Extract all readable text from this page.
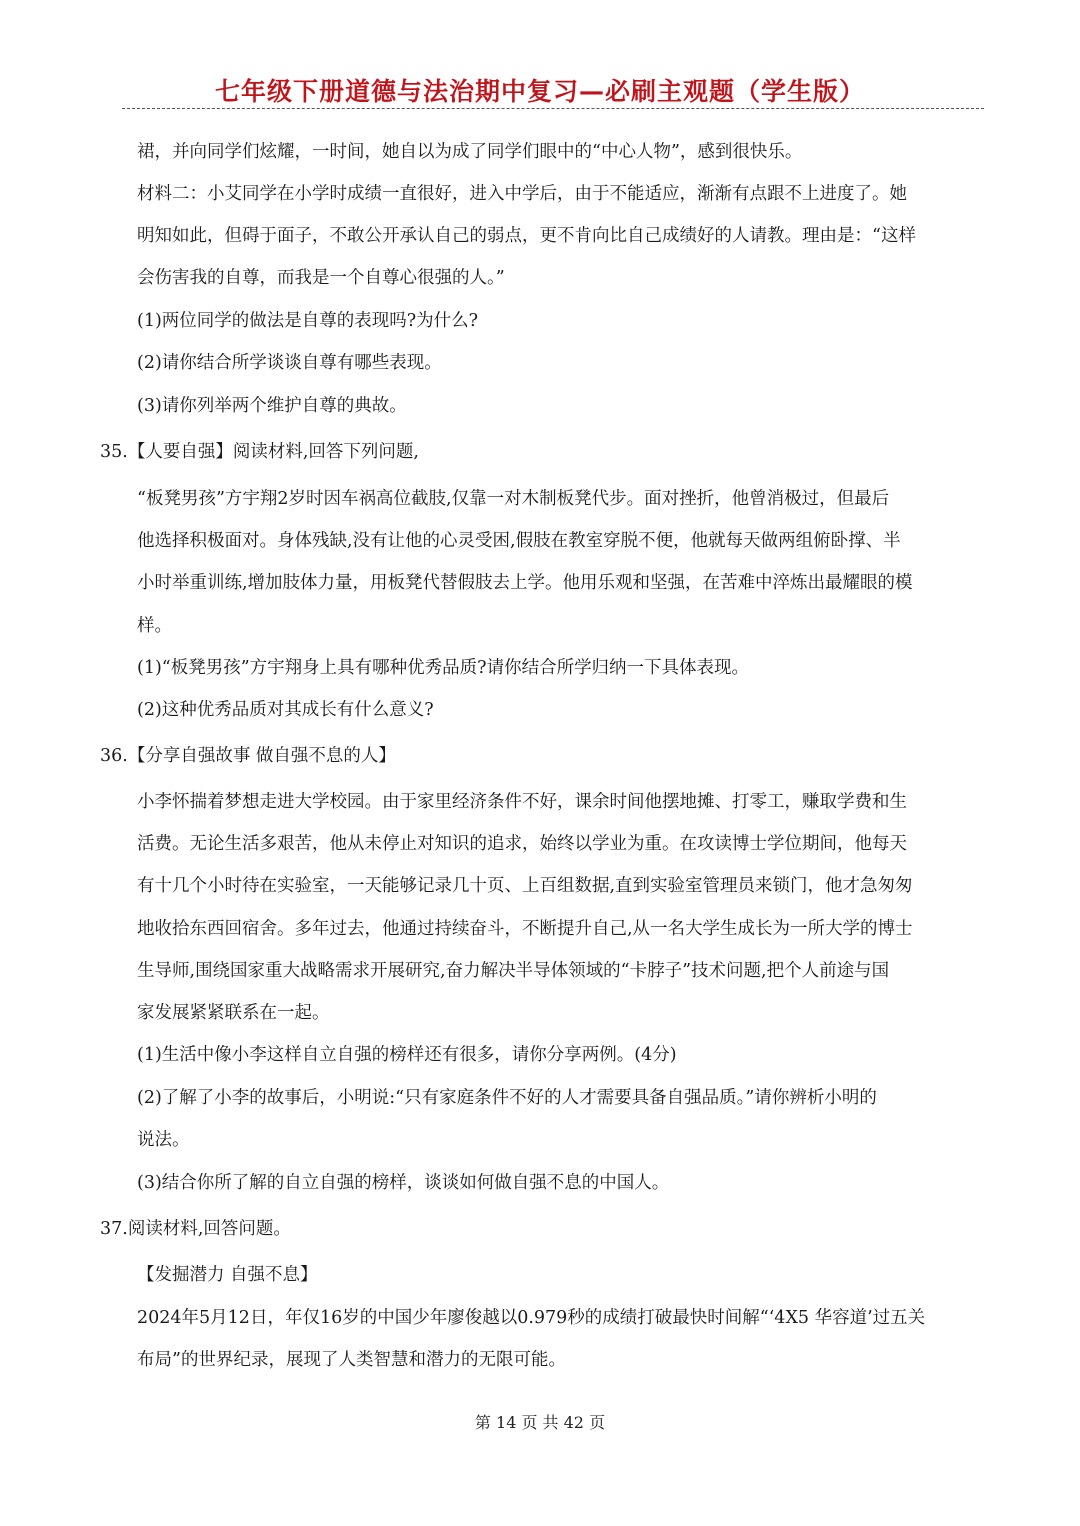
七年级下册道德与法治期中复习—必刷主观题（学生版）
裙，并向同学们炫耀，一时间，她自以为成了同学们眼中的“中心人物”，感到很快乐。
材料二：小艾同学在小学时成绩一直很好，进入中学后，由于不能适应，渐渐有点跟不上进度了。她
明知如此，但碍于面子，不敢公开承认自己的弱点，更不肯向比自己成绩好的人请教。理由是：“这样
会伤害我的自尊，而我是一个自尊心很强的人。”
(1)两位同学的做法是自尊的表现吗?为什么?
(2)请你结合所学谈谈自尊有哪些表现。
(3)请你列举两个维护自尊的典故。
35.【人要自强】阅读材料,回答下列问题,
“板凳男孩”方宇翔2岁时因车祸高位截肢,仅靠一对木制板凳代步。面对挫折，他曾消极过，但最后
他选择积极面对。身体残缺,没有让他的心灵受困,假肢在教室穿脱不便，他就每天做两组俯卧撑、半
小时举重训练,增加肢体力量，用板凳代替假肢去上学。他用乐观和坚强，在苦难中淬炼出最耀眼的模
样。
(1)“板凳男孩”方宇翔身上具有哪种优秀品质?请你结合所学归纳一下具体表现。
(2)这种优秀品质对其成长有什么意义?
36.【分享自强故事 做自强不息的人】
小李怀揣着梦想走进大学校园。由于家里经济条件不好，课余时间他摆地摊、打零工，赚取学费和生
活费。无论生活多艰苦，他从未停止对知识的追求，始终以学业为重。在攻读博士学位期间，他每天
有十几个小时待在实验室，一天能够记录几十页、上百组数据,直到实验室管理员来锁门，他才急匆匆
地收拾东西回宿舍。多年过去，他通过持续奋斗，不断提升自己,从一名大学生成长为一所大学的博士
生导师,围绕国家重大战略需求开展研究,奋力解决半导体领域的“卡脖子”技术问题,把个人前途与国
家发展紧紧联系在一起。
(1)生活中像小李这样自立自强的榜样还有很多，请你分享两例。(4分)
(2)了解了小李的故事后，小明说:“只有家庭条件不好的人才需要具备自强品质。”请你辨析小明的
说法。
(3)结合你所了解的自立自强的榜样，谈谈如何做自强不息的中国人。
37.阅读材料,回答问题。
【发掘潜力 自强不息】
2024年5月12日，年仅16岁的中国少年廖俊越以0.979秒的成绩打破最快时间解“‘4X5 华容道’过五关
布局”的世界纪录，展现了人类智慧和潜力的无限可能。
第 14 页 共 42 页
